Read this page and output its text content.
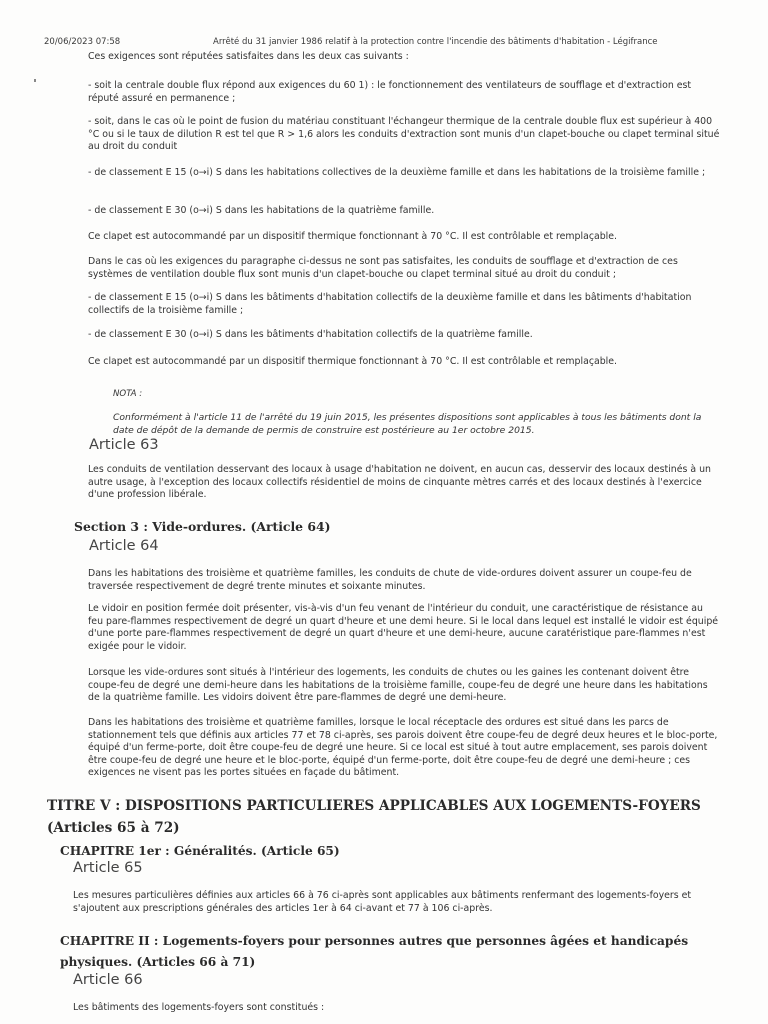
20/06/2023 07:58	Arrêté du 31 janvier 1986 relatif à la protection contre l'incendie des bâtiments d'habitation - Légifrance

Ces exigences sont réputées satisfaites dans les deux cas suivants :

- soit la centrale double flux répond aux exigences du 60 1) : le fonctionnement des ventilateurs de soufflage et d'extraction est réputé assuré en permanence ;

- soit, dans le cas où le point de fusion du matériau constituant l'échangeur thermique de la centrale double flux est supérieur à 400 °C ou si le taux de dilution R est tel que R > 1,6 alors les conduits d'extraction sont munis d'un clapet-bouche ou clapet terminal situé au droit du conduit

- de classement E 15 (o→i) S dans les habitations collectives de la deuxième famille et dans les habitations de la troisième famille ;

- de classement E 30 (o→i) S dans les habitations de la quatrième famille.

Ce clapet est autocommandé par un dispositif thermique fonctionnant à 70 °C. Il est contrôlable et remplaçable.

Dans le cas où les exigences du paragraphe ci-dessus ne sont pas satisfaites, les conduits de soufflage et d'extraction de ces systèmes de ventilation double flux sont munis d'un clapet-bouche ou clapet terminal situé au droit du conduit ;

- de classement E 15 (o→i) S dans les bâtiments d'habitation collectifs de la deuxième famille et dans les bâtiments d'habitation collectifs de la troisième famille ;

- de classement E 30 (o→i) S dans les bâtiments d'habitation collectifs de la quatrième famille.

Ce clapet est autocommandé par un dispositif thermique fonctionnant à 70 °C. Il est contrôlable et remplaçable.

NOTA :

Conformément à l'article 11 de l'arrêté du 19 juin 2015, les présentes dispositions sont applicables à tous les bâtiments dont la date de dépôt de la demande de permis de construire est postérieure au 1er octobre 2015.

Article 63

Les conduits de ventilation desservant des locaux à usage d'habitation ne doivent, en aucun cas, desservir des locaux destinés à un autre usage, à l'exception des locaux collectifs résidentiel de moins de cinquante mètres carrés et des locaux destinés à l'exercice d'une profession libérale.

Section 3 : Vide-ordures. (Article 64)
Article 64

Dans les habitations des troisième et quatrième familles, les conduits de chute de vide-ordures doivent assurer un coupe-feu de traversée respectivement de degré trente minutes et soixante minutes.

Le vidoir en position fermée doit présenter, vis-à-vis d'un feu venant de l'intérieur du conduit, une caractéristique de résistance au feu pare-flammes respectivement de degré un quart d'heure et une demi heure. Si le local dans lequel est installé le vidoir est équipé d'une porte pare-flammes respectivement de degré un quart d'heure et une demi-heure, aucune caratéristique pare-flammes n'est exigée pour le vidoir.

Lorsque les vide-ordures sont situés à l'intérieur des logements, les conduits de chutes ou les gaines les contenant doivent être coupe-feu de degré une demi-heure dans les habitations de la troisième famille, coupe-feu de degré une heure dans les habitations de la quatrième famille. Les vidoirs doivent être pare-flammes de degré une demi-heure.

Dans les habitations des troisième et quatrième familles, lorsque le local réceptacle des ordures est situé dans les parcs de stationnement tels que définis aux articles 77 et 78 ci-après, ses parois doivent être coupe-feu de degré deux heures et le bloc-porte, équipé d'un ferme-porte, doit être coupe-feu de degré une heure. Si ce local est situé à tout autre emplacement, ses parois doivent être coupe-feu de degré une heure et le bloc-porte, équipé d'un ferme-porte, doit être coupe-feu de degré une demi-heure ; ces exigences ne visent pas les portes situées en façade du bâtiment.

TITRE V : DISPOSITIONS PARTICULIERES APPLICABLES AUX LOGEMENTS-FOYERS (Articles 65 à 72)
CHAPITRE 1er : Généralités. (Article 65)
Article 65

Les mesures particulières définies aux articles 66 à 76 ci-après sont applicables aux bâtiments renfermant des logements-foyers et s'ajoutent aux prescriptions générales des articles 1er à 64 ci-avant et 77 à 106 ci-après.

CHAPITRE II : Logements-foyers pour personnes autres que personnes âgées et handicapés physiques. (Articles 66 à 71)
Article 66

Les bâtiments des logements-foyers sont constitués :
